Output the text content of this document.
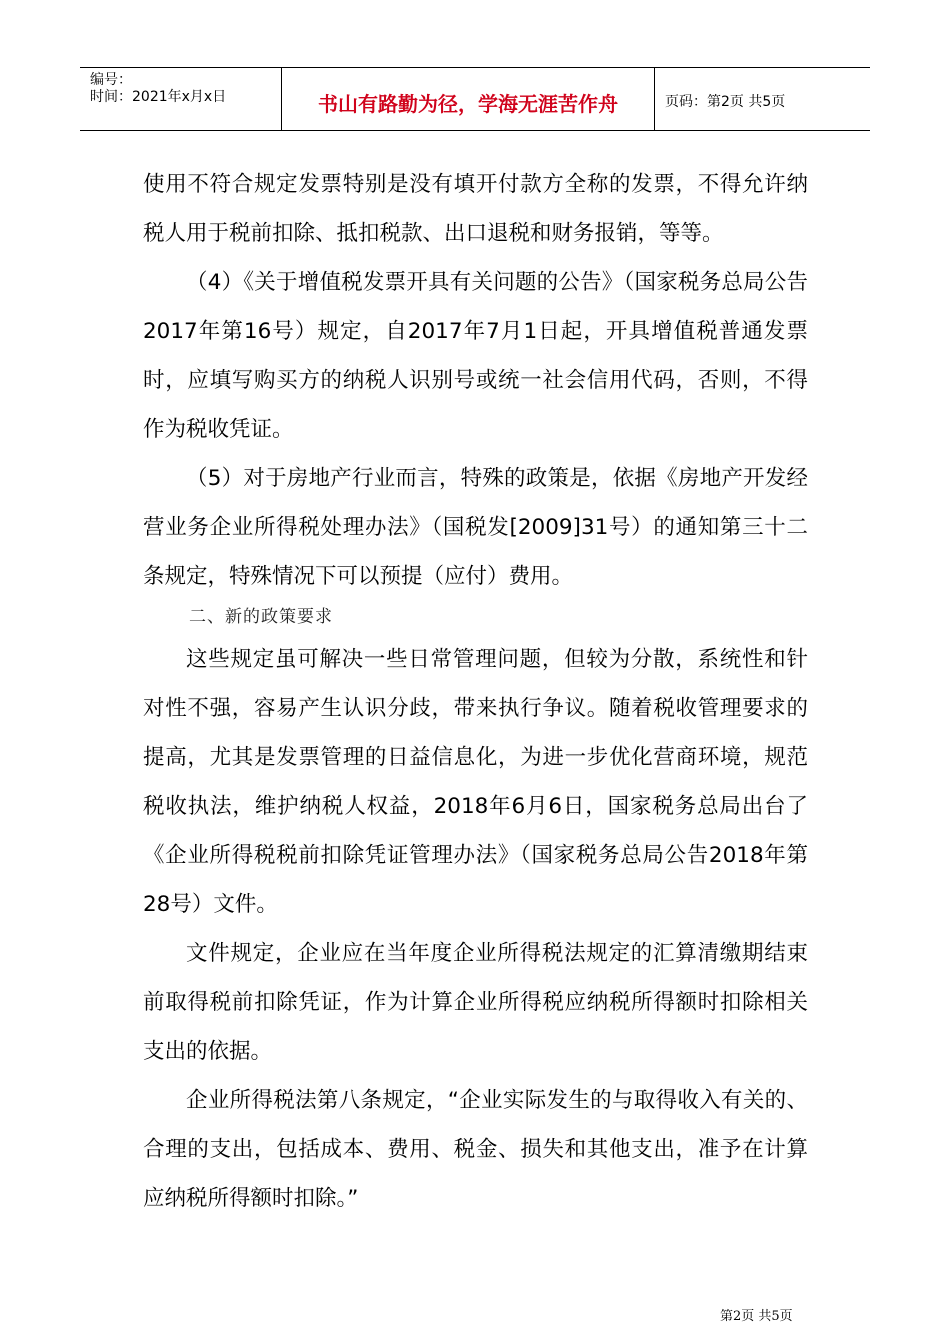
编号：
时间：2021年x月x日	书山有路勤为径，学海无涯苦作舟	页码：第2页 共5页

使用不符合规定发票特别是没有填开付款方全称的发票，不得允许纳税人用于税前扣除、抵扣税款、出口退税和财务报销，等等。

（4）《关于增值税发票开具有关问题的公告》（国家税务总局公告2017年第16号）规定，自2017年7月1日起，开具增值税普通发票时，应填写购买方的纳税人识别号或统一社会信用代码，否则，不得作为税收凭证。

（5）对于房地产行业而言，特殊的政策是，依据《房地产开发经营业务企业所得税处理办法》（国税发[2009]31号）的通知第三十二条规定，特殊情况下可以预提（应付）费用。

二、新的政策要求

这些规定虽可解决一些日常管理问题，但较为分散，系统性和针对性不强，容易产生认识分歧，带来执行争议。随着税收管理要求的提高，尤其是发票管理的日益信息化，为进一步优化营商环境，规范税收执法，维护纳税人权益，2018年6月6日，国家税务总局出台了《企业所得税税前扣除凭证管理办法》（国家税务总局公告2018年第28号）文件。

文件规定，企业应在当年度企业所得税法规定的汇算清缴期结束前取得税前扣除凭证，作为计算企业所得税应纳税所得额时扣除相关支出的依据。

企业所得税法第八条规定，“企业实际发生的与取得收入有关的、合理的支出，包括成本、费用、税金、损失和其他支出，准予在计算应纳税所得额时扣除。”

第2页 共5页
